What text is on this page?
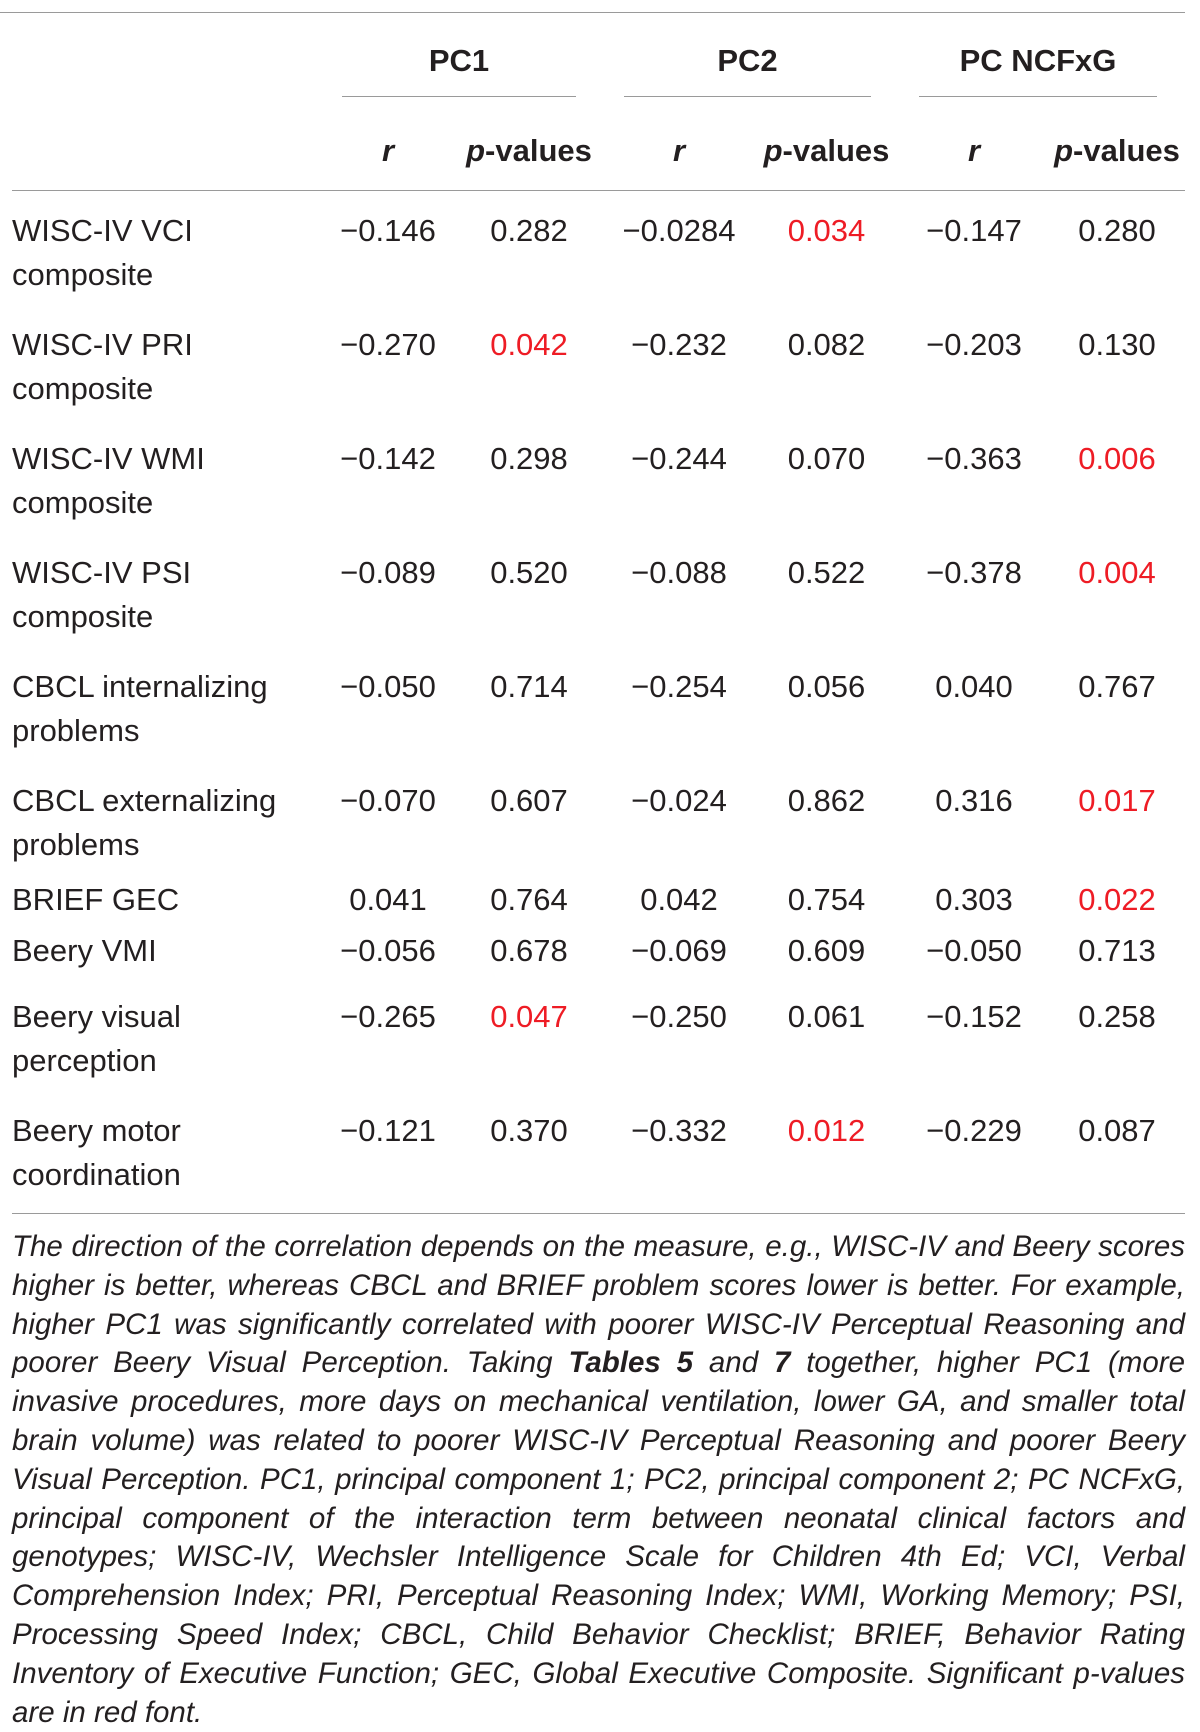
	PC1		PC2		PC NCFxG	

	r	p-values	r	p-values	r	p-values
WISC-IV VCI composite	−0.146	0.282	−0.0284	0.034	−0.147	0.280
WISC-IV PRI composite	−0.270	0.042	−0.232	0.082	−0.203	0.130
WISC-IV WMI composite	−0.142	0.298	−0.244	0.070	−0.363	0.006
WISC-IV PSI composite	−0.089	0.520	−0.088	0.522	−0.378	0.004
CBCL internalizing problems	−0.050	0.714	−0.254	0.056	0.040	0.767
CBCL externalizing problems	−0.070	0.607	−0.024	0.862	0.316	0.017
BRIEF GEC	0.041	0.764	0.042	0.754	0.303	0.022
Beery VMI	−0.056	0.678	−0.069	0.609	−0.050	0.713
Beery visual perception	−0.265	0.047	−0.250	0.061	−0.152	0.258
Beery motor coordination	−0.121	0.370	−0.332	0.012	−0.229	0.087

The direction of the correlation depends on the measure, e.g., WISC-IV and Beery scores higher is better, whereas CBCL and BRIEF problem scores lower is better. For example, higher PC1 was significantly correlated with poorer WISC-IV Perceptual Reasoning and poorer Beery Visual Perception. Taking Tables 5 and 7 together, higher PC1 (more invasive procedures, more days on mechanical ventilation, lower GA, and smaller total brain volume) was related to poorer WISC-IV Perceptual Reasoning and poorer Beery Visual Perception. PC1, principal component 1; PC2, principal component 2; PC NCFxG, principal component of the interaction term between neonatal clinical factors and genotypes; WISC-IV, Wechsler Intelligence Scale for Children 4th Ed; VCI, Verbal Comprehension Index; PRI, Perceptual Reasoning Index; WMI, Working Memory; PSI, Processing Speed Index; CBCL, Child Behavior Checklist; BRIEF, Behavior Rating Inventory of Executive Function; GEC, Global Executive Composite. Significant p-values are in red font.
